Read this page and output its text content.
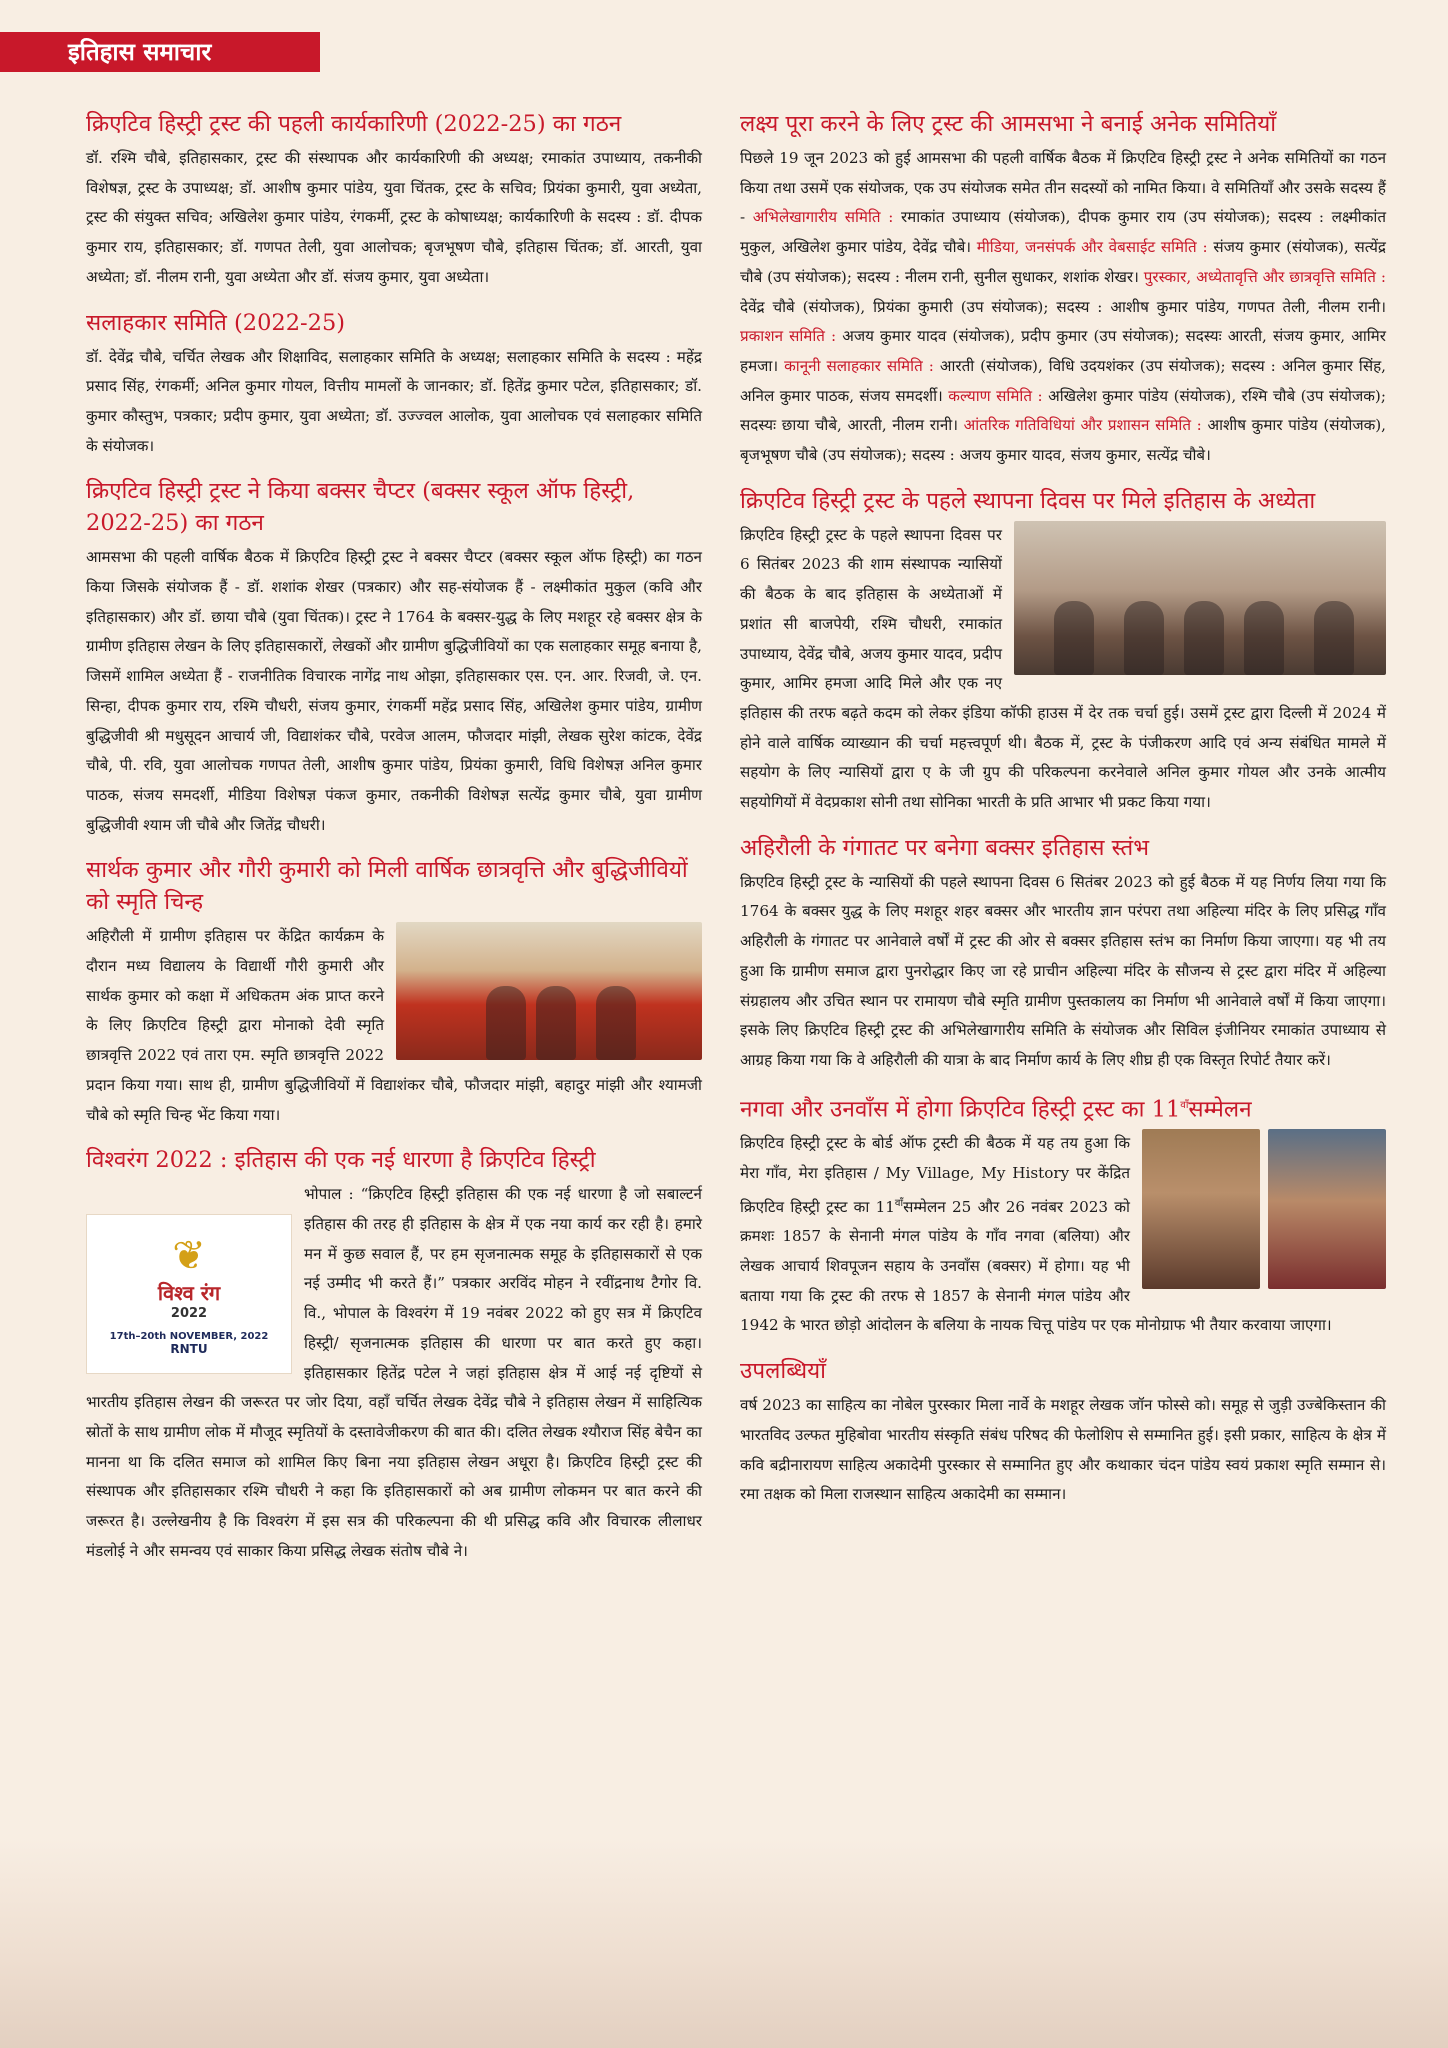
इतिहास समाचार
क्रिएटिव हिस्ट्री ट्रस्ट की पहली कार्यकारिणी (2022-25) का गठन

डॉ. रश्मि चौबे, इतिहासकार, ट्रस्ट की संस्थापक और कार्यकारिणी की अध्यक्ष; रमाकांत उपाध्याय, तकनीकी विशेषज्ञ, ट्रस्ट के उपाध्यक्ष; डॉ. आशीष कुमार पांडेय, युवा चिंतक, ट्रस्ट के सचिव; प्रियंका कुमारी, युवा अध्येता, ट्रस्ट की संयुक्त सचिव; अखिलेश कुमार पांडेय, रंगकर्मी, ट्रस्ट के कोषाध्यक्ष; कार्यकारिणी के सदस्य : डॉ. दीपक कुमार राय, इतिहासकार; डॉ. गणपत तेली, युवा आलोचक; बृजभूषण चौबे, इतिहास चिंतक; डॉ. आरती, युवा अध्येता; डॉ. नीलम रानी, युवा अध्येता और डॉ. संजय कुमार, युवा अध्येता।

सलाहकार समिति (2022-25)

डॉ. देवेंद्र चौबे, चर्चित लेखक और शिक्षाविद, सलाहकार समिति के अध्यक्ष; सलाहकार समिति के सदस्य : महेंद्र प्रसाद सिंह, रंगकर्मी; अनिल कुमार गोयल, वित्तीय मामलों के जानकार; डॉ. हितेंद्र कुमार पटेल, इतिहासकार; डॉ. कुमार कौस्तुभ, पत्रकार; प्रदीप कुमार, युवा अध्येता; डॉ. उज्ज्वल आलोक, युवा आलोचक एवं सलाहकार समिति के संयोजक।

क्रिएटिव हिस्ट्री ट्रस्ट ने किया बक्सर चैप्टर (बक्सर स्कूल ऑफ हिस्ट्री, 2022-25) का गठन

आमसभा की पहली वार्षिक बैठक में क्रिएटिव हिस्ट्री ट्रस्ट ने बक्सर चैप्टर (बक्सर स्कूल ऑफ हिस्ट्री) का गठन किया जिसके संयोजक हैं - डॉ. शशांक शेखर (पत्रकार) और सह-संयोजक हैं - लक्ष्मीकांत मुकुल (कवि और इतिहासकार) और डॉ. छाया चौबे (युवा चिंतक)। ट्रस्ट ने 1764 के बक्सर-युद्ध के लिए मशहूर रहे बक्सर क्षेत्र के ग्रामीण इतिहास लेखन के लिए इतिहासकारों, लेखकों और ग्रामीण बुद्धिजीवियों का एक सलाहकार समूह बनाया है, जिसमें शामिल अध्येता हैं - राजनीतिक विचारक नागेंद्र नाथ ओझा, इतिहासकार एस. एन. आर. रिजवी, जे. एन. सिन्हा, दीपक कुमार राय, रश्मि चौधरी, संजय कुमार, रंगकर्मी महेंद्र प्रसाद सिंह, अखिलेश कुमार पांडेय, ग्रामीण बुद्धिजीवी श्री मधुसूदन आचार्य जी, विद्याशंकर चौबे, परवेज आलम, फौजदार मांझी, लेखक सुरेश कांटक, देवेंद्र चौबे, पी. रवि, युवा आलोचक गणपत तेली, आशीष कुमार पांडेय, प्रियंका कुमारी, विधि विशेषज्ञ अनिल कुमार पाठक, संजय समदर्शी, मीडिया विशेषज्ञ पंकज कुमार, तकनीकी विशेषज्ञ सत्येंद्र कुमार चौबे, युवा ग्रामीण बुद्धिजीवी श्याम जी चौबे और जितेंद्र चौधरी।

सार्थक कुमार और गौरी कुमारी को मिली वार्षिक छात्रवृत्ति और बुद्धिजीवियों को स्मृति चिन्ह

अहिरौली में ग्रामीण इतिहास पर केंद्रित कार्यक्रम के दौरान मध्य विद्यालय के विद्यार्थी गौरी कुमारी और सार्थक कुमार को कक्षा में अधिकतम अंक प्राप्त करने के लिए क्रिएटिव हिस्ट्री द्वारा मोनाको देवी स्मृति छात्रवृत्ति 2022 एवं तारा एम. स्मृति छात्रवृत्ति 2022 प्रदान किया गया। साथ ही, ग्रामीण बुद्धिजीवियों में विद्याशंकर चौबे, फौजदार मांझी, बहादुर मांझी और श्यामजी चौबे को स्मृति चिन्ह भेंट किया गया।

विश्वरंग 2022 : इतिहास की एक नई धारणा है क्रिएटिव हिस्ट्री
❦
विश्व रंग
2022
17th–20th NOVEMBER, 2022
RNTU

भोपाल : “क्रिएटिव हिस्ट्री इतिहास की एक नई धारणा है जो सबाल्टर्न इतिहास की तरह ही इतिहास के क्षेत्र में एक नया कार्य कर रही है। हमारे मन में कुछ सवाल हैं, पर हम सृजनात्मक समूह के इतिहासकारों से एक नई उम्मीद भी करते हैं।” पत्रकार अरविंद मोहन ने रवींद्रनाथ टैगोर वि. वि., भोपाल के विश्वरंग में 19 नवंबर 2022 को हुए सत्र में क्रिएटिव हिस्ट्री/ सृजनात्मक इतिहास की धारणा पर बात करते हुए कहा। इतिहासकार हितेंद्र पटेल ने जहां इतिहास क्षेत्र में आई नई दृष्टियों से भारतीय इतिहास लेखन की जरूरत पर जोर दिया, वहाँ चर्चित लेखक देवेंद्र चौबे ने इतिहास लेखन में साहित्यिक स्रोतों के साथ ग्रामीण लोक में मौजूद स्मृतियों के दस्तावेजीकरण की बात की। दलित लेखक श्यौराज सिंह बेचैन का मानना था कि दलित समाज को शामिल किए बिना नया इतिहास लेखन अधूरा है। क्रिएटिव हिस्ट्री ट्रस्ट की संस्थापक और इतिहासकार रश्मि चौधरी ने कहा कि इतिहासकारों को अब ग्रामीण लोकमन पर बात करने की जरूरत है। उल्लेखनीय है कि विश्वरंग में इस सत्र की परिकल्पना की थी प्रसिद्ध कवि और विचारक लीलाधर मंडलोई ने और समन्वय एवं साकार किया प्रसिद्ध लेखक संतोष चौबे ने।

लक्ष्य पूरा करने के लिए ट्रस्ट की आमसभा ने बनाई अनेक समितियाँ

पिछले 19 जून 2023 को हुई आमसभा की पहली वार्षिक बैठक में क्रिएटिव हिस्ट्री ट्रस्ट ने अनेक समितियों का गठन किया तथा उसमें एक संयोजक, एक उप संयोजक समेत तीन सदस्यों को नामित किया। वे समितियाँ और उसके सदस्य हैं - अभिलेखागारीय समिति : रमाकांत उपाध्याय (संयोजक), दीपक कुमार राय (उप संयोजक); सदस्य : लक्ष्मीकांत मुकुल, अखिलेश कुमार पांडेय, देवेंद्र चौबे। मीडिया, जनसंपर्क और वेबसाईट समिति : संजय कुमार (संयोजक), सत्येंद्र चौबे (उप संयोजक); सदस्य : नीलम रानी, सुनील सुधाकर, शशांक शेखर। पुरस्कार, अध्येतावृत्ति और छात्रवृत्ति समिति : देवेंद्र चौबे (संयोजक), प्रियंका कुमारी (उप संयोजक); सदस्य : आशीष कुमार पांडेय, गणपत तेली, नीलम रानी। प्रकाशन समिति : अजय कुमार यादव (संयोजक), प्रदीप कुमार (उप संयोजक); सदस्यः आरती, संजय कुमार, आमिर हमजा। कानूनी सलाहकार समिति : आरती (संयोजक), विधि उदयशंकर (उप संयोजक); सदस्य : अनिल कुमार सिंह, अनिल कुमार पाठक, संजय समदर्शी। कल्याण समिति : अखिलेश कुमार पांडेय (संयोजक), रश्मि चौबे (उप संयोजक); सदस्यः छाया चौबे, आरती, नीलम रानी। आंतरिक गतिविधियां और प्रशासन समिति : आशीष कुमार पांडेय (संयोजक), बृजभूषण चौबे (उप संयोजक); सदस्य : अजय कुमार यादव, संजय कुमार, सत्येंद्र चौबे।

क्रिएटिव हिस्ट्री ट्रस्ट के पहले स्थापना दिवस पर मिले इतिहास के अध्येता

क्रिएटिव हिस्ट्री ट्रस्ट के पहले स्थापना दिवस पर 6 सितंबर 2023 की शाम संस्थापक न्यासियों की बैठक के बाद इतिहास के अध्येताओं में प्रशांत सी बाजपेयी, रश्मि चौधरी, रमाकांत उपाध्याय, देवेंद्र चौबे, अजय कुमार यादव, प्रदीप कुमार, आमिर हमजा आदि मिले और एक नए इतिहास की तरफ बढ़ते कदम को लेकर इंडिया कॉफी हाउस में देर तक चर्चा हुई। उसमें ट्रस्ट द्वारा दिल्ली में 2024 में होने वाले वार्षिक व्याख्यान की चर्चा महत्त्वपूर्ण थी। बैठक में, ट्रस्ट के पंजीकरण आदि एवं अन्य संबंधित मामले में सहयोग के लिए न्यासियों द्वारा ए के जी ग्रुप की परिकल्पना करनेवाले अनिल कुमार गोयल और उनके आत्मीय सहयोगियों में वेदप्रकाश सोनी तथा सोनिका भारती के प्रति आभार भी प्रकट किया गया।

अहिरौली के गंगातट पर बनेगा बक्सर इतिहास स्तंभ

क्रिएटिव हिस्ट्री ट्रस्ट के न्यासियों की पहले स्थापना दिवस 6 सितंबर 2023 को हुई बैठक में यह निर्णय लिया गया कि 1764 के बक्सर युद्ध के लिए मशहूर शहर बक्सर और भारतीय ज्ञान परंपरा तथा अहिल्या मंदिर के लिए प्रसिद्ध गाँव अहिरौली के गंगातट पर आनेवाले वर्षों में ट्रस्ट की ओर से बक्सर इतिहास स्तंभ का निर्माण किया जाएगा। यह भी तय हुआ कि ग्रामीण समाज द्वारा पुनरोद्धार किए जा रहे प्राचीन अहिल्या मंदिर के सौजन्य से ट्रस्ट द्वारा मंदिर में अहिल्या संग्रहालय और उचित स्थान पर रामायण चौबे स्मृति ग्रामीण पुस्तकालय का निर्माण भी आनेवाले वर्षों में किया जाएगा। इसके लिए क्रिएटिव हिस्ट्री ट्रस्ट की अभिलेखागारीय समिति के संयोजक और सिविल इंजीनियर रमाकांत उपाध्याय से आग्रह किया गया कि वे अहिरौली की यात्रा के बाद निर्माण कार्य के लिए शीघ्र ही एक विस्तृत रिपोर्ट तैयार करें।

नगवा और उनवाँस में होगा क्रिएटिव हिस्ट्री ट्रस्ट का $11^{वाँ}सम्मेलन$

क्रिएटिव हिस्ट्री ट्रस्ट के बोर्ड ऑफ ट्रस्टी की बैठक में यह तय हुआ कि मेरा गाँव, मेरा इतिहास / My Village, My History पर केंद्रित क्रिएटिव हिस्ट्री ट्रस्ट का $11^{वाँ}सम्मेलन$ 25 और 26 नवंबर 2023 को क्रमशः 1857 के सेनानी मंगल पांडेय के गाँव नगवा (बलिया) और लेखक आचार्य शिवपूजन सहाय के उनवाँस (बक्सर) में होगा। यह भी बताया गया कि ट्रस्ट की तरफ से 1857 के सेनानी मंगल पांडेय और 1942 के भारत छोड़ो आंदोलन के बलिया के नायक चित्तू पांडेय पर एक मोनोग्राफ भी तैयार करवाया जाएगा।

उपलब्धियाँ

वर्ष 2023 का साहित्य का नोबेल पुरस्कार मिला नार्वे के मशहूर लेखक जॉन फोस्से को। समूह से जुड़ी उज्बेकिस्तान की भारतविद उल्फत मुहिबोवा भारतीय संस्कृति संबंध परिषद की फेलोशिप से सम्मानित हुई। इसी प्रकार, साहित्य के क्षेत्र में कवि बद्रीनारायण साहित्य अकादेमी पुरस्कार से सम्मानित हुए और कथाकार चंदन पांडेय स्वयं प्रकाश स्मृति सम्मान से। रमा तक्षक को मिला राजस्थान साहित्य अकादेमी का सम्मान।
